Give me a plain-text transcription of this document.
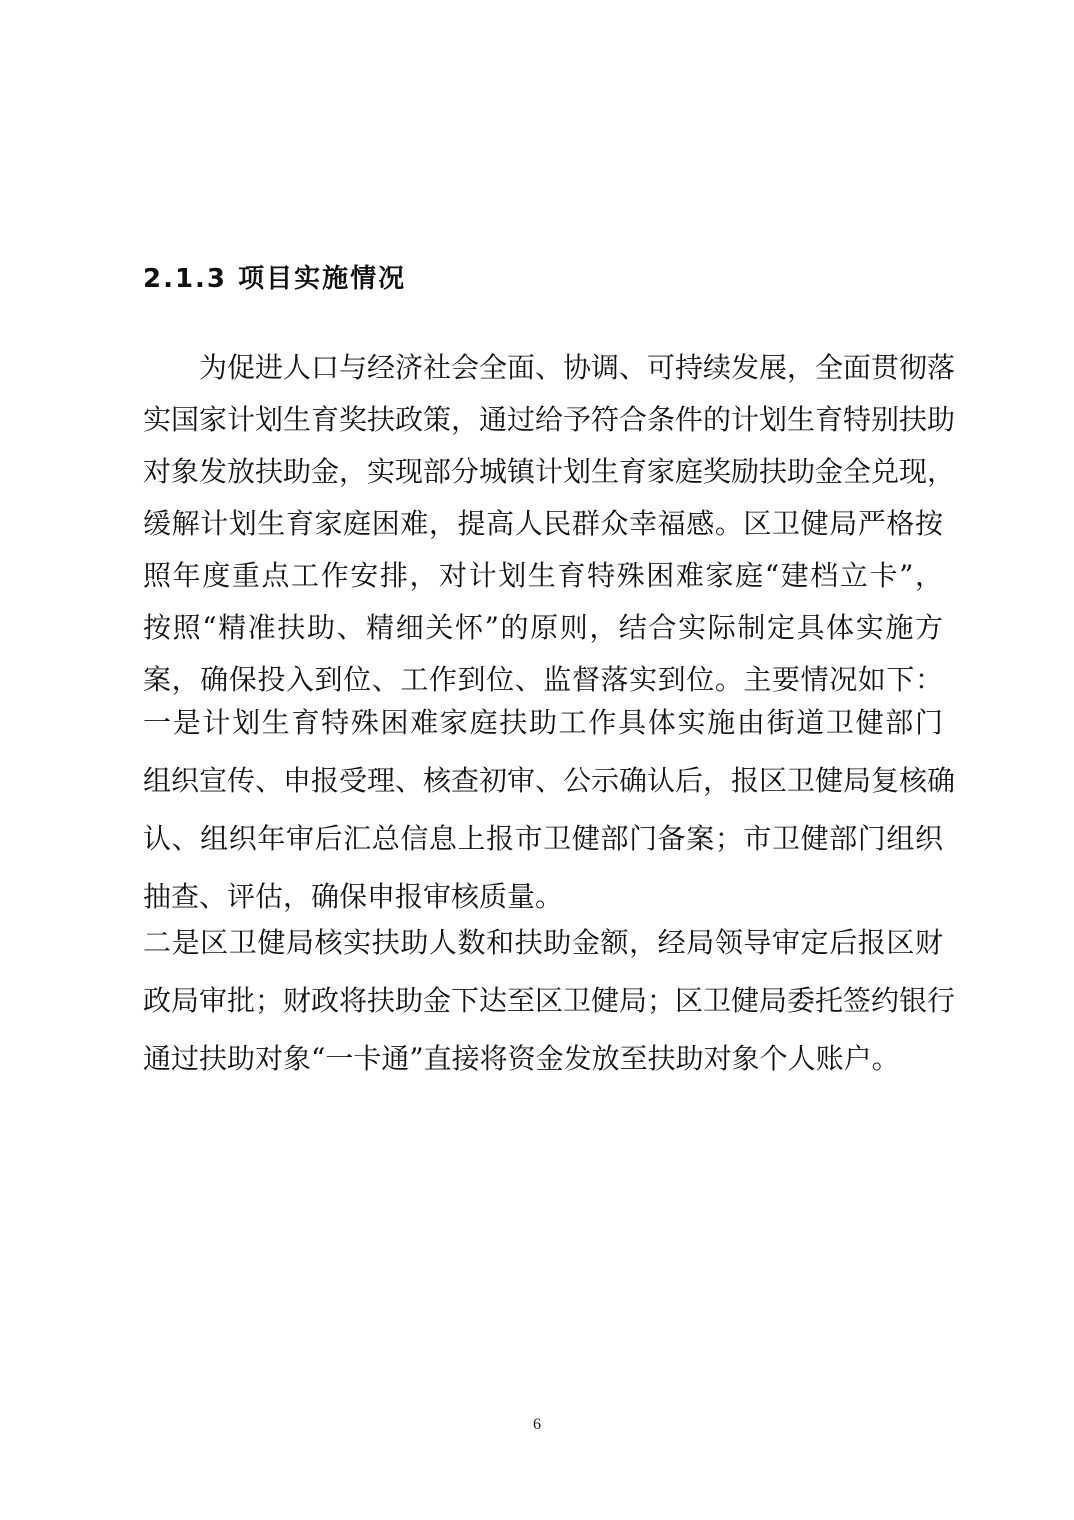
2.1.3 项目实施情况
　　为促进人口与经济社会全面、协调、可持续发展，全面贯彻落
实国家计划生育奖扶政策，通过给予符合条件的计划生育特别扶助
对象发放扶助金，实现部分城镇计划生育家庭奖励扶助金全兑现，
缓解计划生育家庭困难，提高人民群众幸福感。区卫健局严格按
照年度重点工作安排，对计划生育特殊困难家庭“建档立卡”，
按照“精准扶助、精细关怀”的原则，结合实际制定具体实施方
案，确保投入到位、工作到位、监督落实到位。主要情况如下：
一是计划生育特殊困难家庭扶助工作具体实施由街道卫健部门
组织宣传、申报受理、核查初审、公示确认后，报区卫健局复核确
认、组织年审后汇总信息上报市卫健部门备案；市卫健部门组织
抽查、评估，确保申报审核质量。
二是区卫健局核实扶助人数和扶助金额，经局领导审定后报区财
政局审批；财政将扶助金下达至区卫健局；区卫健局委托签约银行
通过扶助对象“一卡通”直接将资金发放至扶助对象个人账户。
6
